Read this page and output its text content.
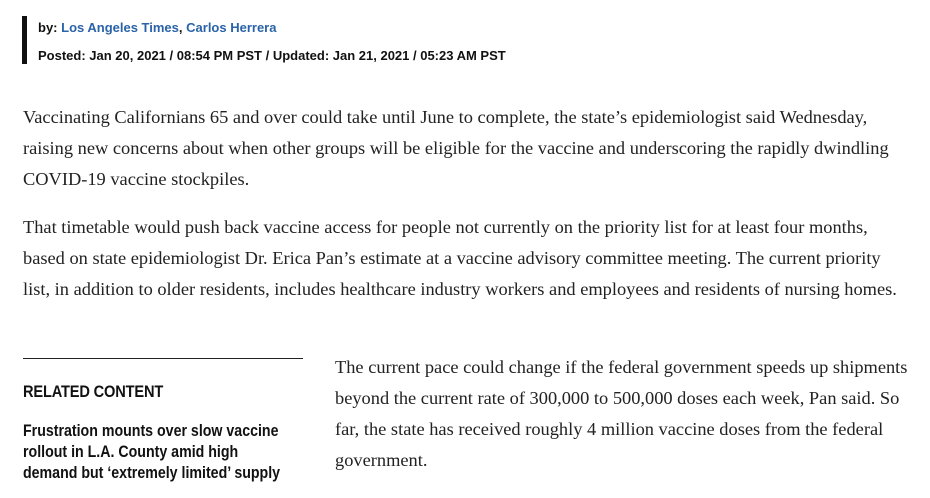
by: Los Angeles Times, Carlos Herrera
Posted: Jan 20, 2021 / 08:54 PM PST / Updated: Jan 21, 2021 / 05:23 AM PST

Vaccinating Californians 65 and over could take until June to complete, the state’s epidemiologist said Wednesday, raising new concerns about when other groups will be eligible for the vaccine and underscoring the rapidly dwindling COVID-19 vaccine stockpiles.

That timetable would push back vaccine access for people not currently on the priority list for at least four months, based on state epidemiologist Dr. Erica Pan’s estimate at a vaccine advisory committee meeting. The current priority list, in addition to older residents, includes healthcare industry workers and employees and residents of nursing homes.

RELATED CONTENT
Frustration mounts over slow vaccine rollout in L.A. County amid high demand but ‘extremely limited’ supply

The current pace could change if the federal government speeds up shipments beyond the current rate of 300,000 to 500,000 doses each week, Pan said. So far, the state has received roughly 4 million vaccine doses from the federal government.
